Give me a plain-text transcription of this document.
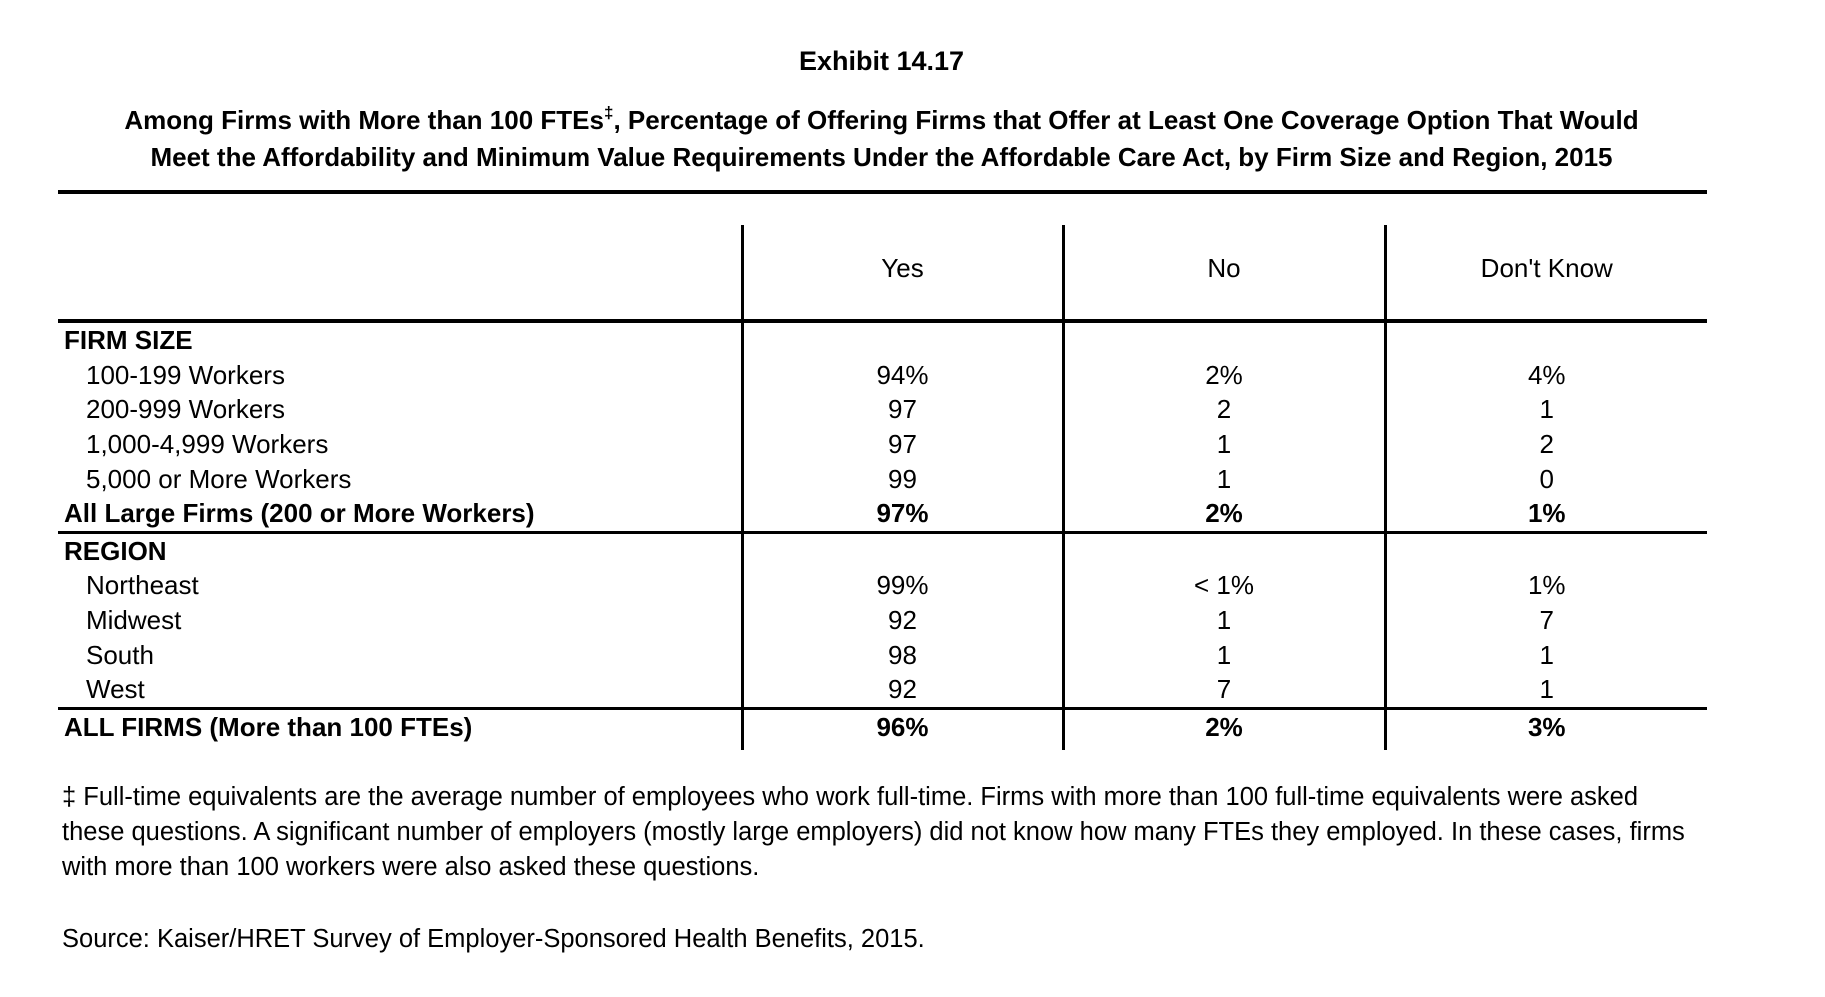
Exhibit 14.17
Among Firms with More than 100 FTEs‡, Percentage of Offering Firms that Offer at Least One Coverage Option That Would
Meet the Affordability and Minimum Value Requirements Under the Affordable Care Act, by Firm Size and Region, 2015
	Yes	No	Don't Know
FIRM SIZE			
100-199 Workers	94%	2%	4%
200-999 Workers	97	2	1
1,000-4,999 Workers	97	1	2
5,000 or More Workers	99	1	0
All Large Firms (200 or More Workers)	97%	2%	1%
REGION			
Northeast	99%	< 1%	1%
Midwest	92	1	7
South	98	1	1
West	92	7	1
ALL FIRMS (More than 100 FTEs)	96%	2%	3%
‡ Full-time equivalents are the average number of employees who work full-time. Firms with more than 100 full-time equivalents were asked these questions. A significant number of employers (mostly large employers) did not know how many FTEs they employed. In these cases, firms with more than 100 workers were also asked these questions.
Source: Kaiser/HRET Survey of Employer-Sponsored Health Benefits, 2015.
